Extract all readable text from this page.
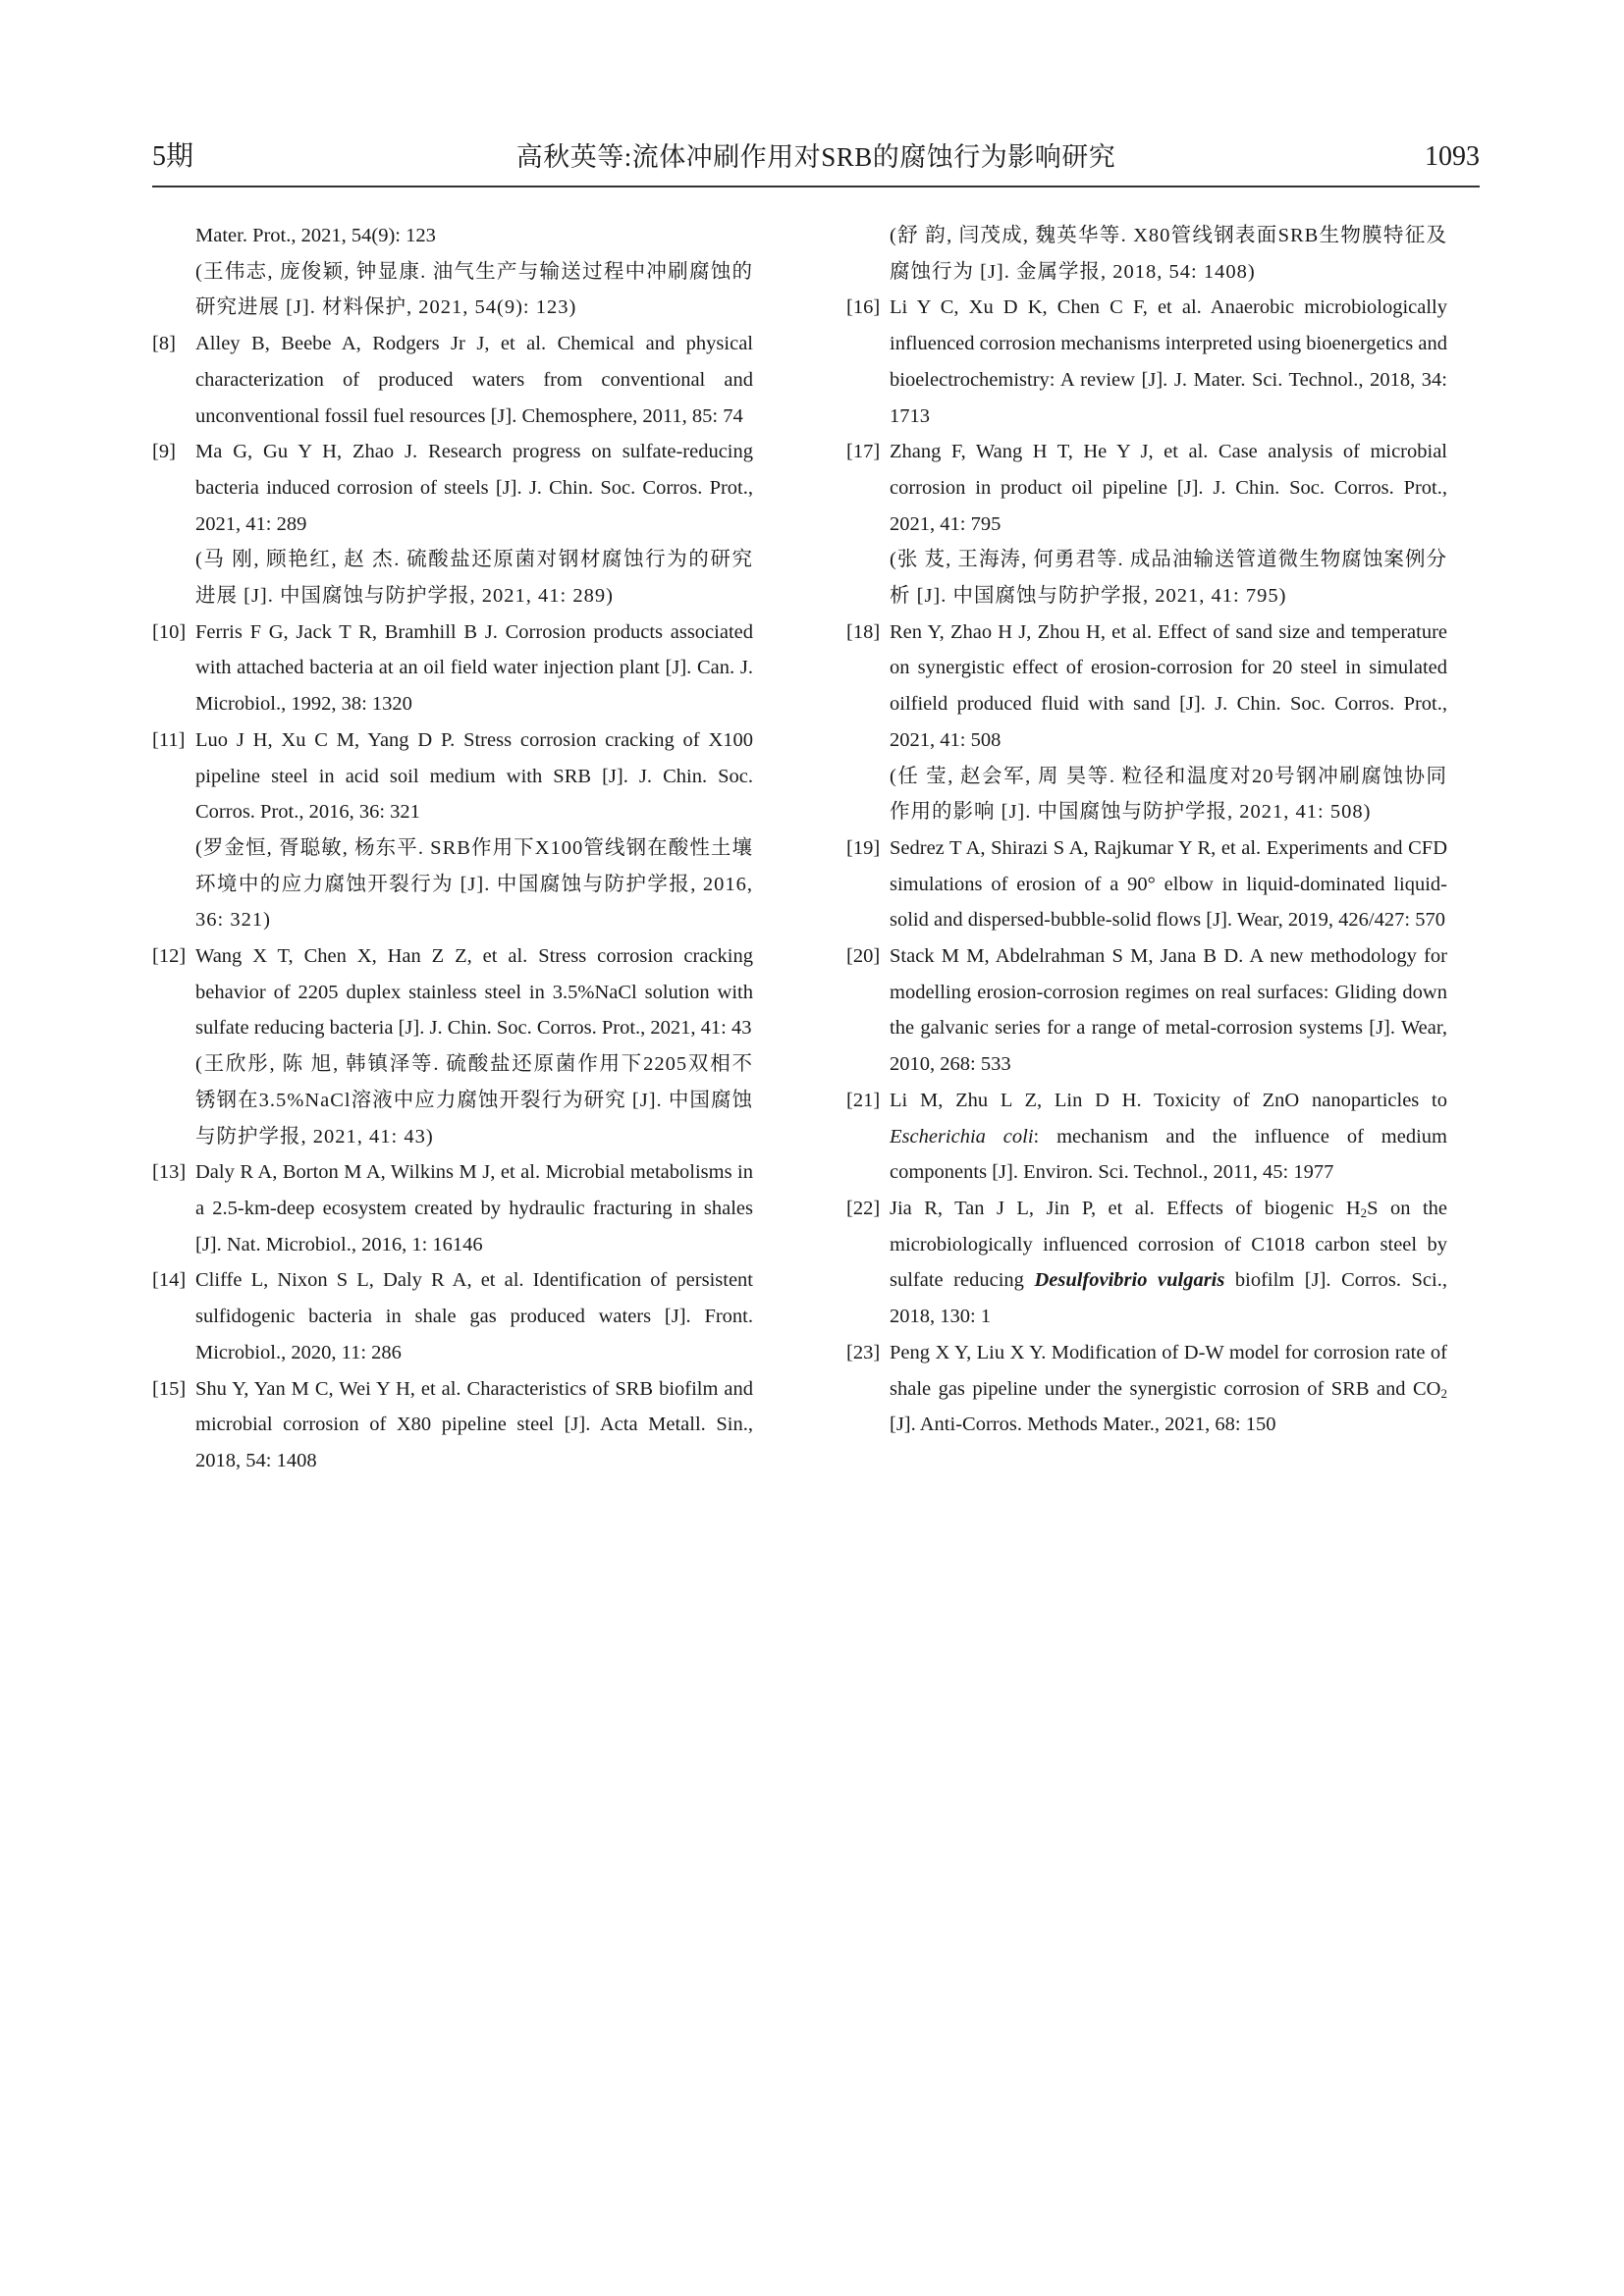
5期	高秋英等:流体冲刷作用对SRB的腐蚀行为影响研究	1093

Mater. Prot., 2021, 54(9): 123

(王伟志, 庞俊颖, 钟显康. 油气生产与输送过程中冲刷腐蚀的研究进展 [J]. 材料保护, 2021, 54(9): 123)

[8] Alley B, Beebe A, Rodgers Jr J, et al. Chemical and physical characterization of produced waters from conventional and unconventional fossil fuel resources [J]. Chemosphere, 2011, 85: 74

[9] Ma G, Gu Y H, Zhao J. Research progress on sulfate-reducing bacteria induced corrosion of steels [J]. J. Chin. Soc. Corros. Prot., 2021, 41: 289

(马 刚, 顾艳红, 赵 杰. 硫酸盐还原菌对钢材腐蚀行为的研究进展 [J]. 中国腐蚀与防护学报, 2021, 41: 289)

[10] Ferris F G, Jack T R, Bramhill B J. Corrosion products associated with attached bacteria at an oil field water injection plant [J]. Can. J. Microbiol., 1992, 38: 1320

[11] Luo J H, Xu C M, Yang D P. Stress corrosion cracking of X100 pipeline steel in acid soil medium with SRB [J]. J. Chin. Soc. Corros. Prot., 2016, 36: 321

(罗金恒, 胥聪敏, 杨东平. SRB作用下X100管线钢在酸性土壤环境中的应力腐蚀开裂行为 [J]. 中国腐蚀与防护学报, 2016, 36: 321)

[12] Wang X T, Chen X, Han Z Z, et al. Stress corrosion cracking behavior of 2205 duplex stainless steel in 3.5%NaCl solution with sulfate reducing bacteria [J]. J. Chin. Soc. Corros. Prot., 2021, 41: 43

(王欣彤, 陈 旭, 韩镇泽等. 硫酸盐还原菌作用下2205双相不锈钢在3.5%NaCl溶液中应力腐蚀开裂行为研究 [J]. 中国腐蚀与防护学报, 2021, 41: 43)

[13] Daly R A, Borton M A, Wilkins M J, et al. Microbial metabolisms in a 2.5-km-deep ecosystem created by hydraulic fracturing in shales [J]. Nat. Microbiol., 2016, 1: 16146

[14] Cliffe L, Nixon S L, Daly R A, et al. Identification of persistent sulfidogenic bacteria in shale gas produced waters [J]. Front. Microbiol., 2020, 11: 286

[15] Shu Y, Yan M C, Wei Y H, et al. Characteristics of SRB biofilm and microbial corrosion of X80 pipeline steel [J]. Acta Metall. Sin., 2018, 54: 1408

(舒 韵, 闫茂成, 魏英华等. X80管线钢表面SRB生物膜特征及腐蚀行为 [J]. 金属学报, 2018, 54: 1408)

[16] Li Y C, Xu D K, Chen C F, et al. Anaerobic microbiologically influenced corrosion mechanisms interpreted using bioenergetics and bioelectrochemistry: A review [J]. J. Mater. Sci. Technol., 2018, 34: 1713

[17] Zhang F, Wang H T, He Y J, et al. Case analysis of microbial corrosion in product oil pipeline [J]. J. Chin. Soc. Corros. Prot., 2021, 41: 795

(张 芨, 王海涛, 何勇君等. 成品油输送管道微生物腐蚀案例分析 [J]. 中国腐蚀与防护学报, 2021, 41: 795)

[18] Ren Y, Zhao H J, Zhou H, et al. Effect of sand size and temperature on synergistic effect of erosion-corrosion for 20 steel in simulated oilfield produced fluid with sand [J]. J. Chin. Soc. Corros. Prot., 2021, 41: 508

(任 莹, 赵会军, 周 昊等. 粒径和温度对20号钢冲刷腐蚀协同作用的影响 [J]. 中国腐蚀与防护学报, 2021, 41: 508)

[19] Sedrez T A, Shirazi S A, Rajkumar Y R, et al. Experiments and CFD simulations of erosion of a 90° elbow in liquid-dominated liquid-solid and dispersed-bubble-solid flows [J]. Wear, 2019, 426/427: 570

[20] Stack M M, Abdelrahman S M, Jana B D. A new methodology for modelling erosion-corrosion regimes on real surfaces: Gliding down the galvanic series for a range of metal-corrosion systems [J]. Wear, 2010, 268: 533

[21] Li M, Zhu L Z, Lin D H. Toxicity of ZnO nanoparticles to Escherichia coli: mechanism and the influence of medium components [J]. Environ. Sci. Technol., 2011, 45: 1977

[22] Jia R, Tan J L, Jin P, et al. Effects of biogenic $H_2S$ on the microbiologically influenced corrosion of C1018 carbon steel by sulfate reducing Desulfovibrio vulgaris biofilm [J]. Corros. Sci., 2018, 130: 1

[23] Peng X Y, Liu X Y. Modification of D-W model for corrosion rate of shale gas pipeline under the synergistic corrosion of SRB and $CO_2$ [J]. Anti-Corros. Methods Mater., 2021, 68: 150
